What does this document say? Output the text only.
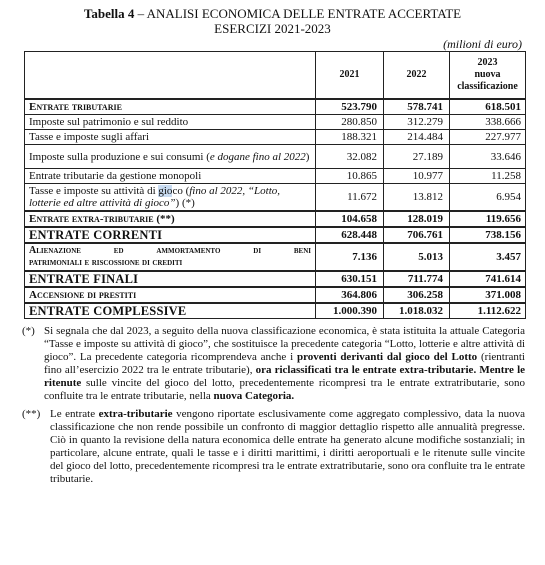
Tabella 4 – ANALISI ECONOMICA DELLE ENTRATE ACCERTATE
ESERCIZI 2021-2023
(milioni di euro)
	2021	2022	2023
nuova
classificazione
Entrate tributarie	523.790	578.741	618.501
Imposte sul patrimonio e sul reddito	280.850	312.279	338.666
Tasse e imposte sugli affari	188.321	214.484	227.977
Imposte sulla produzione e sui consumi (e dogane fino al 2022)	32.082	27.189	33.646
Entrate tributarie da gestione monopoli	10.865	10.977	11.258
Tasse e imposte su attività di gioco (fino al 2022, “Lotto, lotterie ed altre attività di gioco”) (*)	11.672	13.812	6.954
Entrate extra-tributarie (**)	104.658	128.019	119.656
ENTRATE CORRENTI	628.448	706.761	738.156

Alienazione ed ammortamento di beni
patrimoniali e riscossione di crediti	7.136	5.013	3.457
ENTRATE FINALI	630.151	711.774	741.614
Accensione di prestiti	364.806	306.258	371.008
ENTRATE COMPLESSIVE	1.000.390	1.018.032	1.112.622
(*) Si segnala che dal 2023, a seguito della nuova classificazione economica, è stata istituita la attuale Categoria “Tasse e imposte su attività di gioco”, che sostituisce la precedente categoria “Lotto, lotterie e altre attività di gioco”. La precedente categoria ricomprendeva anche i proventi derivanti dal gioco del Lotto (rientranti fino all’esercizio 2022 tra le entrate tributarie), ora riclassificati tra le entrate extra-tributarie. Mentre le ritenute sulle vincite del gioco del lotto, precedentemente ricompresi tra le entrate extratributarie, sono confluite tra le entrate tributarie, nella nuova Categoria.
(**) Le entrate extra-tributarie vengono riportate esclusivamente come aggregato complessivo, data la nuova classificazione che non rende possibile un confronto di maggior dettaglio rispetto alle annualità pregresse. Ciò in quanto la revisione della natura economica delle entrate ha generato alcune modifiche sostanziali; in particolare, alcune entrate, quali le tasse e i diritti marittimi, i diritti aeroportuali e le ritenute sulle vincite del gioco del lotto, precedentemente ricompresi tra le entrate extratributarie, sono ora confluite tra le entrate tributarie.
